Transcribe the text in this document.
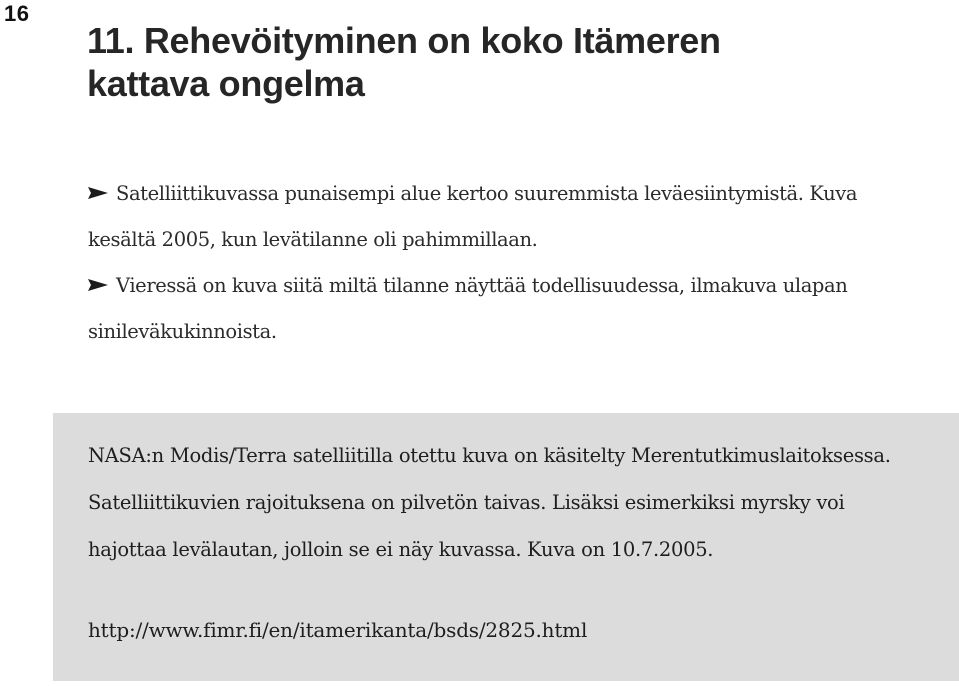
16
11. Rehevöityminen on koko Itämeren
kattava ongelma

Satelliittikuvassa punaisempi alue kertoo suuremmista leväesiintymistä. Kuva kesältä 2005, kun levätilanne oli pahimmillaan.

Vieressä on kuva siitä miltä tilanne näyttää todellisuudessa, ilmakuva ulapan sinileväkukinnoista.

NASA:n Modis/Terra satelliitilla otettu kuva on käsitelty Merentutkimuslaitoksessa. Satelliittikuvien rajoituksena on pilvetön taivas. Lisäksi esimerkiksi myrsky voi hajottaa levälautan, jolloin se ei näy kuvassa. Kuva on 10.7.2005.

http://www.fimr.fi/en/itamerikanta/bsds/2825.html
